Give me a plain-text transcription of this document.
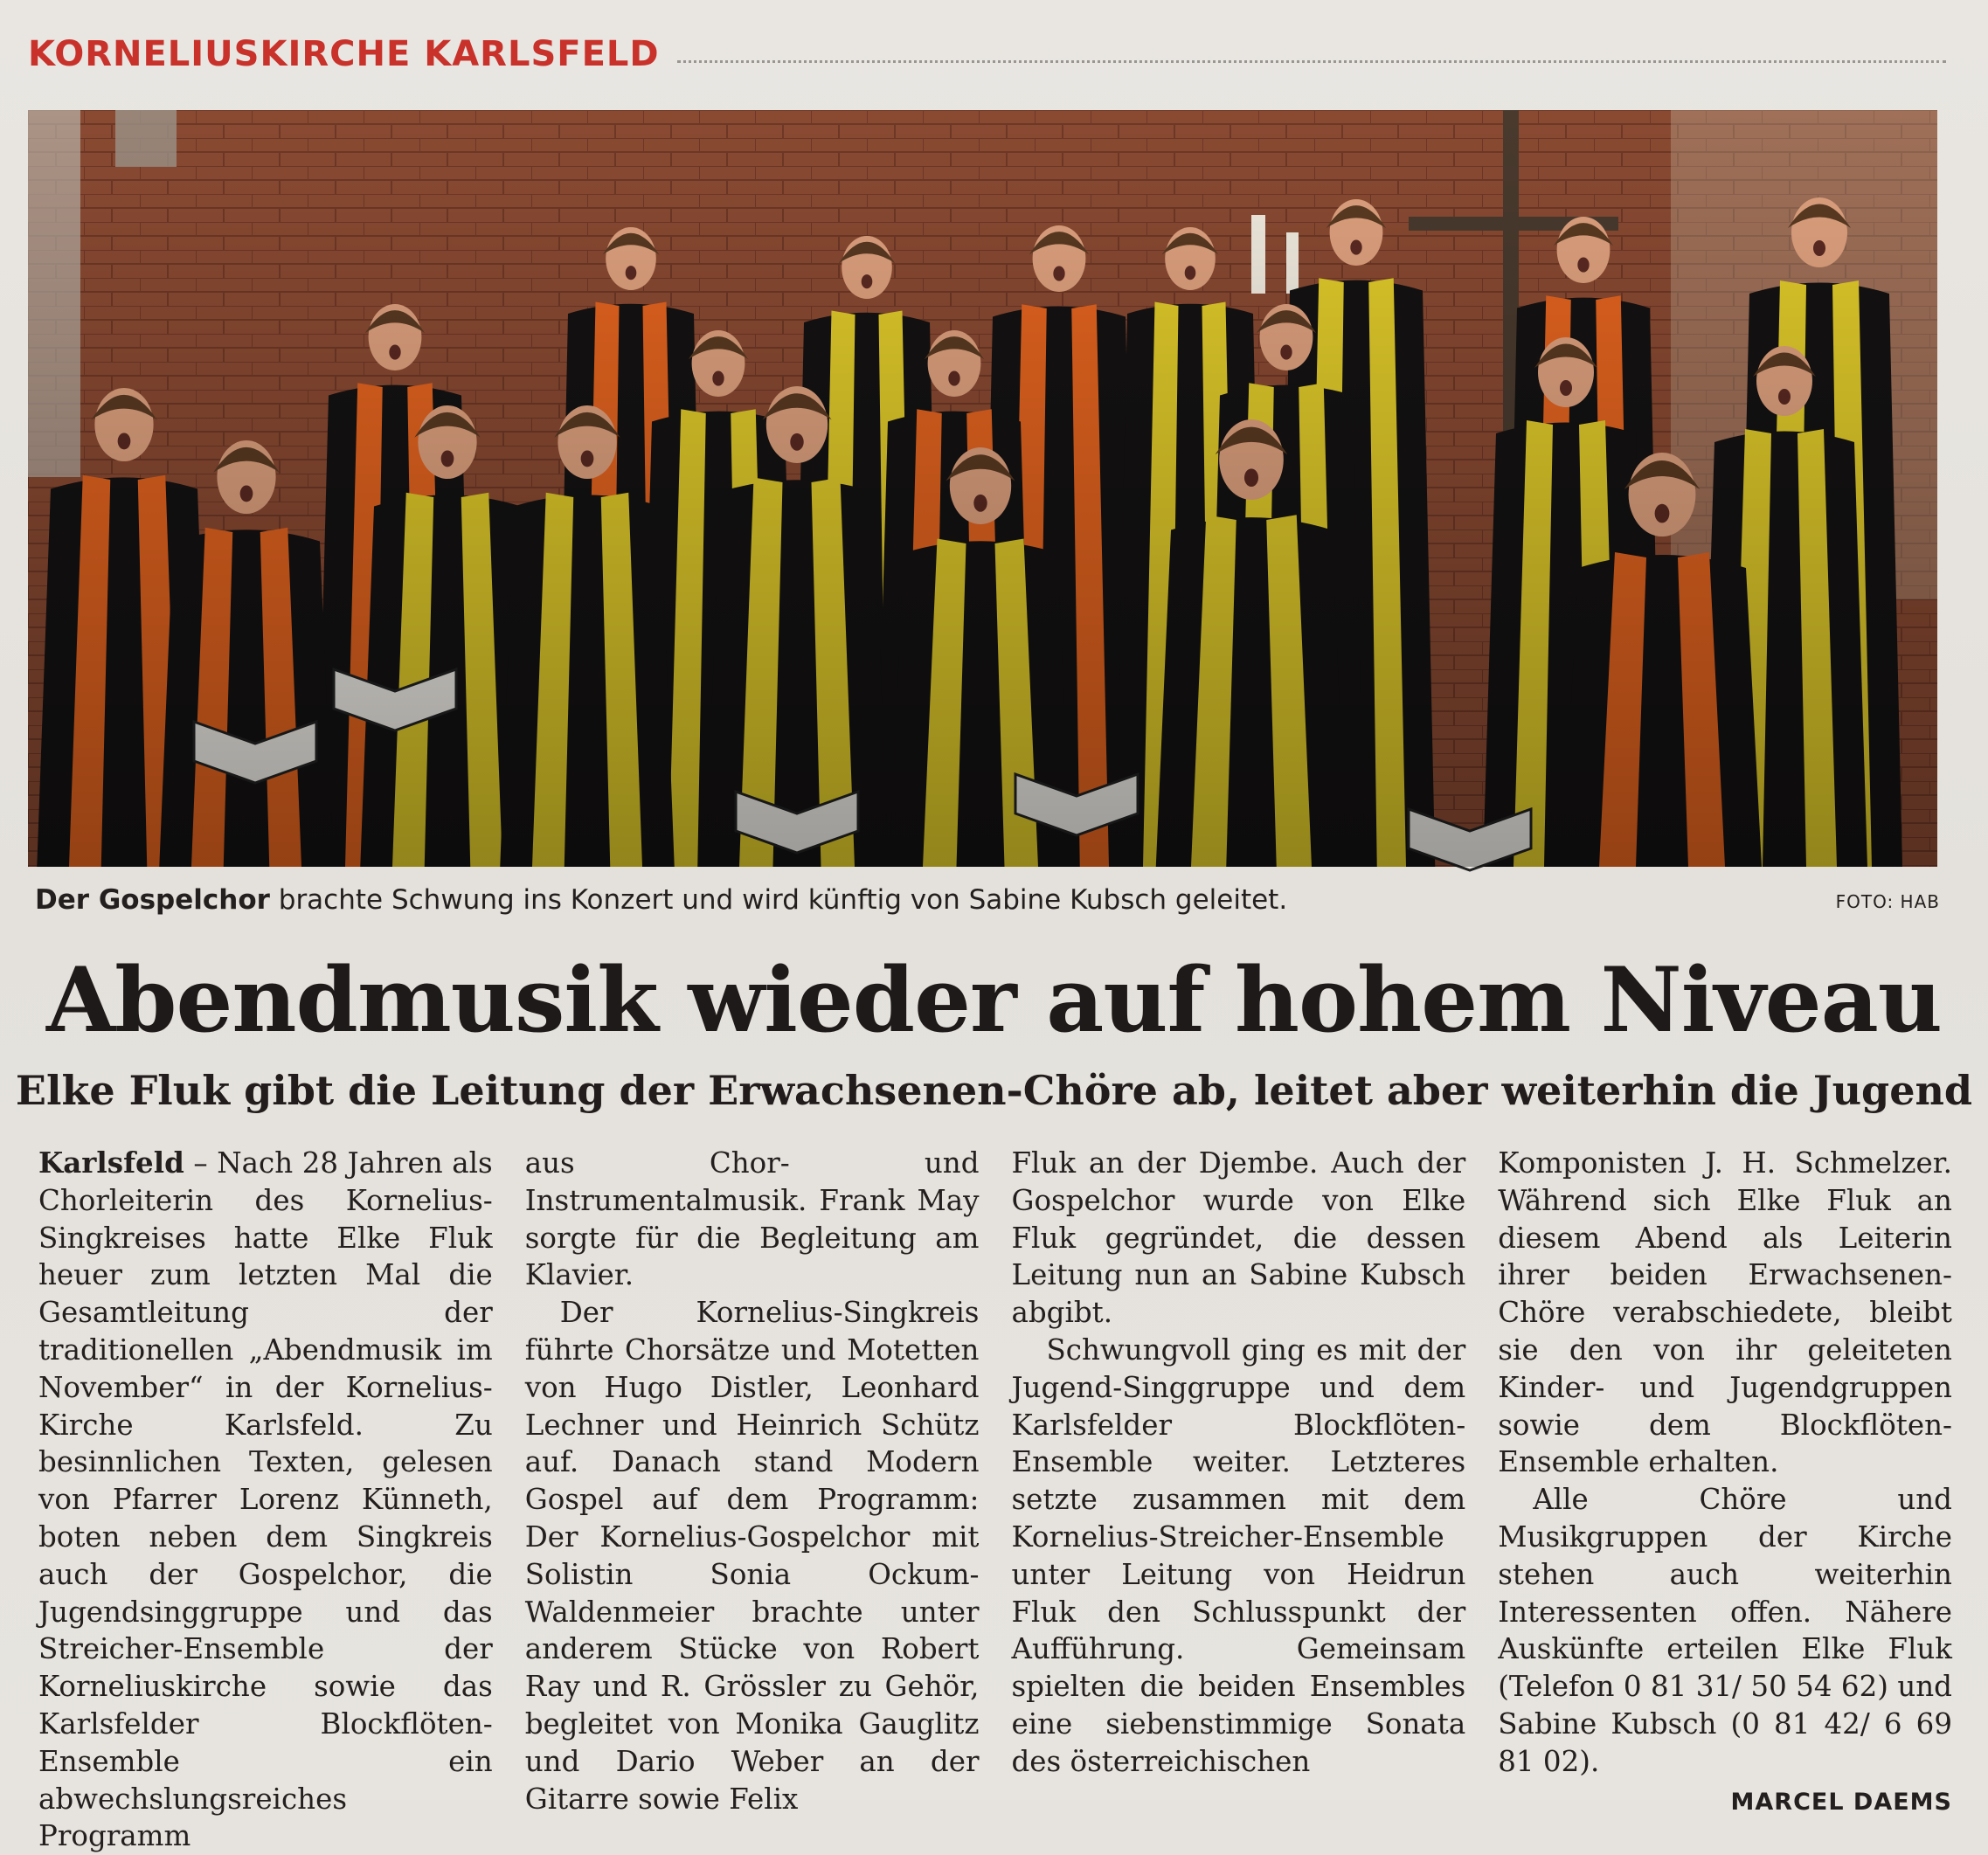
KORNELIUSKIRCHE KARLSFELD
Der Gospelchor brachte Schwung ins Konzert und wird künftig von Sabine Kubsch geleitet.	FOTO: HAB
Abendmusik wieder auf hohem Niveau
Elke Fluk gibt die Leitung der Erwachsenen-Chöre ab, leitet aber weiterhin die Jugend

Karlsfeld – Nach 28 Jahren als Chorleiterin des Kornelius-Singkreises hatte Elke Fluk heuer zum letzten Mal die Gesamtleitung der traditionellen „Abendmusik im November“ in der Kornelius-Kirche Karlsfeld. Zu besinnlichen Texten, gelesen von Pfarrer Lorenz Künneth, boten neben dem Singkreis auch der Gospelchor, die Jugendsinggruppe und das Streicher-Ensemble der Korneliuskirche sowie das Karlsfelder Blockflöten-Ensemble ein abwechslungsreiches Programm

aus Chor- und Instrumentalmusik. Frank May sorgte für die Begleitung am Klavier.

Der Kornelius-Singkreis führte Chorsätze und Motetten von Hugo Distler, Leonhard Lechner und Heinrich Schütz auf. Danach stand Modern Gospel auf dem Programm: Der Kornelius-Gospelchor mit Solistin Sonia Ockum-Waldenmeier brachte unter anderem Stücke von Robert Ray und R. Grössler zu Gehör, begleitet von Monika Gauglitz und Dario Weber an der Gitarre sowie Felix

Fluk an der Djembe. Auch der Gospelchor wurde von Elke Fluk gegründet, die dessen Leitung nun an Sabine Kubsch abgibt.

Schwungvoll ging es mit der Jugend-Singgruppe und dem Karlsfelder Blockflöten-Ensemble weiter. Letzteres setzte zusammen mit dem Kornelius-Streicher-Ensemble unter Leitung von Heidrun Fluk den Schlusspunkt der Aufführung. Gemeinsam spielten die beiden Ensembles eine siebenstimmige Sonata des österreichischen

Komponisten J. H. Schmelzer. Während sich Elke Fluk an diesem Abend als Leiterin ihrer beiden Erwachsenen-Chöre verabschiedete, bleibt sie den von ihr geleiteten Kinder- und Jugendgruppen sowie dem Blockflöten-Ensemble erhalten.

Alle Chöre und Musikgruppen der Kirche stehen auch weiterhin Interessenten offen. Nähere Auskünfte erteilen Elke Fluk (Telefon 0 81 31/ 50 54 62) und Sabine Kubsch (0 81 42/ 6 69 81 02).

MARCEL DAEMS
